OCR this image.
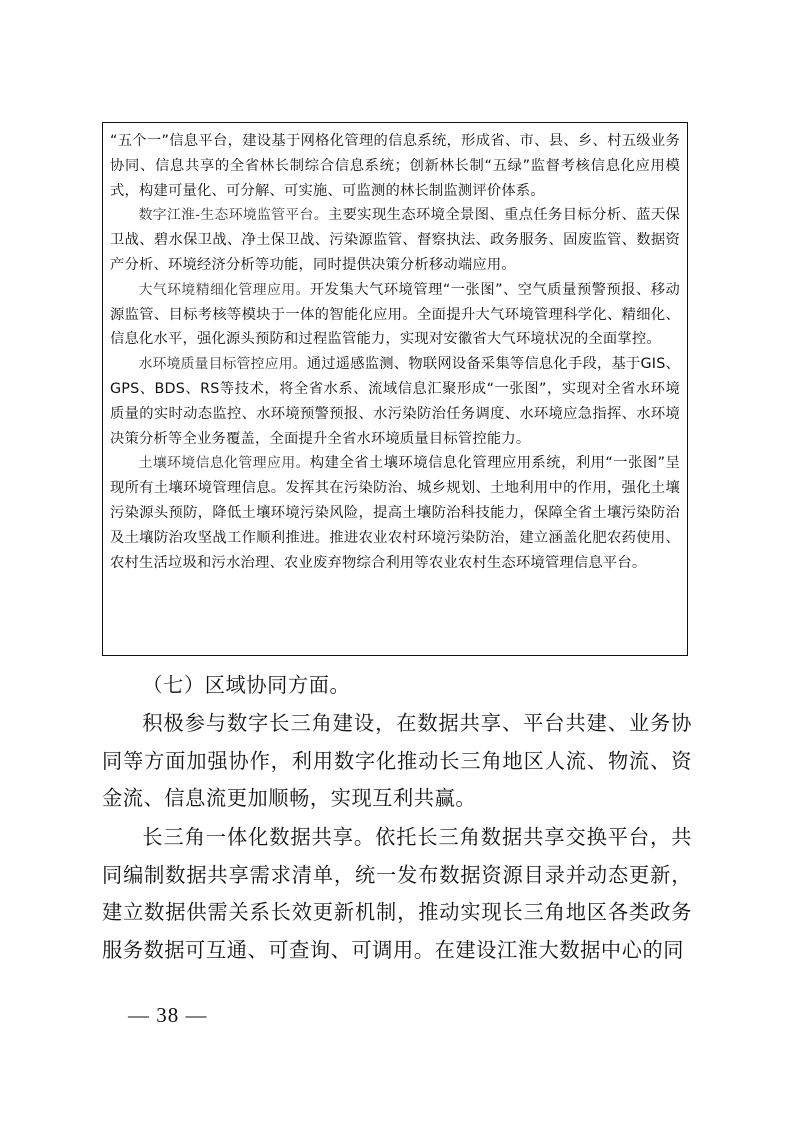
“五个一”信息平台，建设基于网格化管理的信息系统，形成省、市、县、乡、村五级业务协同、信息共享的全省林长制综合信息系统；创新林长制“五绿”监督考核信息化应用模式，构建可量化、可分解、可实施、可监测的林长制监测评价体系。

数字江淮-生态环境监管平台。主要实现生态环境全景图、重点任务目标分析、蓝天保卫战、碧水保卫战、净土保卫战、污染源监管、督察执法、政务服务、固废监管、数据资产分析、环境经济分析等功能，同时提供决策分析移动端应用。

大气环境精细化管理应用。开发集大气环境管理“一张图”、空气质量预警预报、移动源监管、目标考核等模块于一体的智能化应用。全面提升大气环境管理科学化、精细化、信息化水平，强化源头预防和过程监管能力，实现对安徽省大气环境状况的全面掌控。

水环境质量目标管控应用。通过遥感监测、物联网设备采集等信息化手段，基于GIS、GPS、BDS、RS等技术，将全省水系、流域信息汇聚形成“一张图”，实现对全省水环境质量的实时动态监控、水环境预警预报、水污染防治任务调度、水环境应急指挥、水环境决策分析等全业务覆盖，全面提升全省水环境质量目标管控能力。

土壤环境信息化管理应用。构建全省土壤环境信息化管理应用系统，利用“一张图”呈现所有土壤环境管理信息。发挥其在污染防治、城乡规划、土地利用中的作用，强化土壤污染源头预防，降低土壤环境污染风险，提高土壤防治科技能力，保障全省土壤污染防治及土壤防治攻坚战工作顺利推进。推进农业农村环境污染防治，建立涵盖化肥农药使用、农村生活垃圾和污水治理、农业废弃物综合利用等农业农村生态环境管理信息平台。

（七）区域协同方面。

积极参与数字长三角建设，在数据共享、平台共建、业务协同等方面加强协作，利用数字化推动长三角地区人流、物流、资金流、信息流更加顺畅，实现互利共赢。

长三角一体化数据共享。依托长三角数据共享交换平台，共同编制数据共享需求清单，统一发布数据资源目录并动态更新，建立数据供需关系长效更新机制，推动实现长三角地区各类政务服务数据可互通、可查询、可调用。在建设江淮大数据中心的同

— 38 —
